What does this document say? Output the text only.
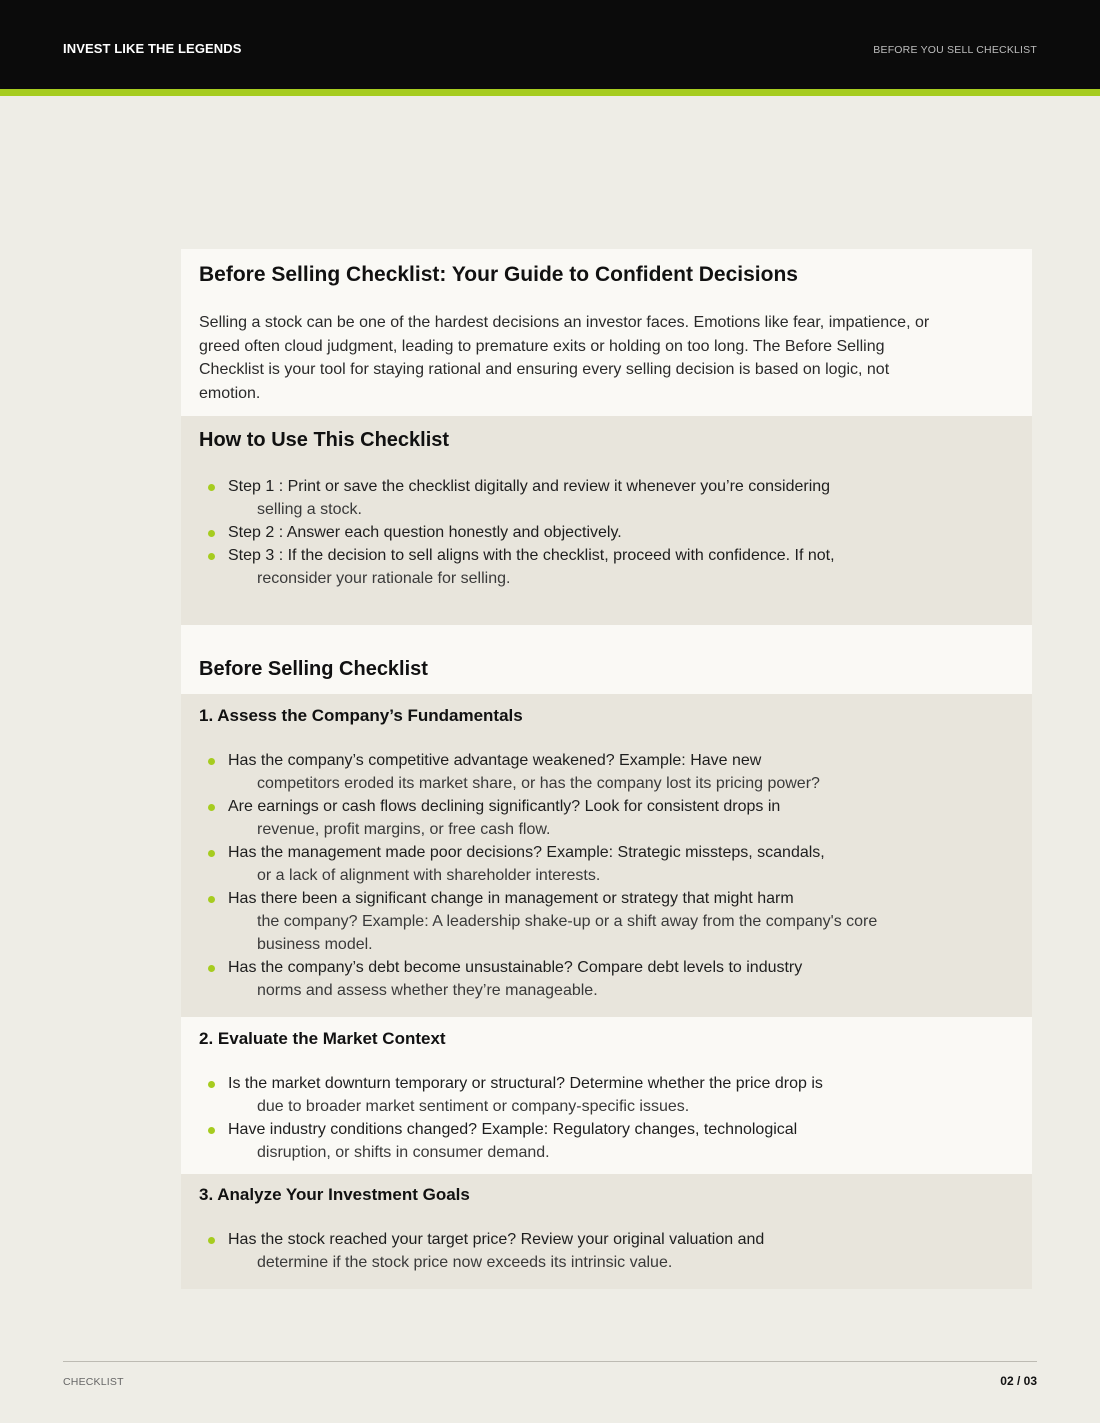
INVEST LIKE THE LEGENDS	BEFORE YOU SELL CHECKLIST
Before Selling Checklist: Your Guide to Confident Decisions

Selling a stock can be one of the hardest decisions an investor faces. Emotions like fear, impatience, or greed often cloud judgment, leading to premature exits or holding on too long. The Before Selling Checklist is your tool for staying rational and ensuring every selling decision is based on logic, not emotion.

How to Use This Checklist
Step 1 : Print or save the checklist digitally and review it whenever you’re considering
selling a stock.
Step 2 : Answer each question honestly and objectively.
Step 3 : If the decision to sell aligns with the checklist, proceed with confidence. If not,
reconsider your rationale for selling.
Before Selling Checklist
1. Assess the Company’s Fundamentals
Has the company’s competitive advantage weakened? Example: Have new
competitors eroded its market share, or has the company lost its pricing power?
Are earnings or cash flows declining significantly? Look for consistent drops in
revenue, profit margins, or free cash flow.
Has the management made poor decisions? Example: Strategic missteps, scandals,
or a lack of alignment with shareholder interests.
Has there been a significant change in management or strategy that might harm
the company? Example: A leadership shake-up or a shift away from the company's core business model.
Has the company’s debt become unsustainable? Compare debt levels to industry
norms and assess whether they’re manageable.
2. Evaluate the Market Context
Is the market downturn temporary or structural? Determine whether the price drop is
due to broader market sentiment or company-specific issues.
Have industry conditions changed? Example: Regulatory changes, technological
disruption, or shifts in consumer demand.
3. Analyze Your Investment Goals
Has the stock reached your target price? Review your original valuation and
determine if the stock price now exceeds its intrinsic value.
CHECKLIST	02 / 03
